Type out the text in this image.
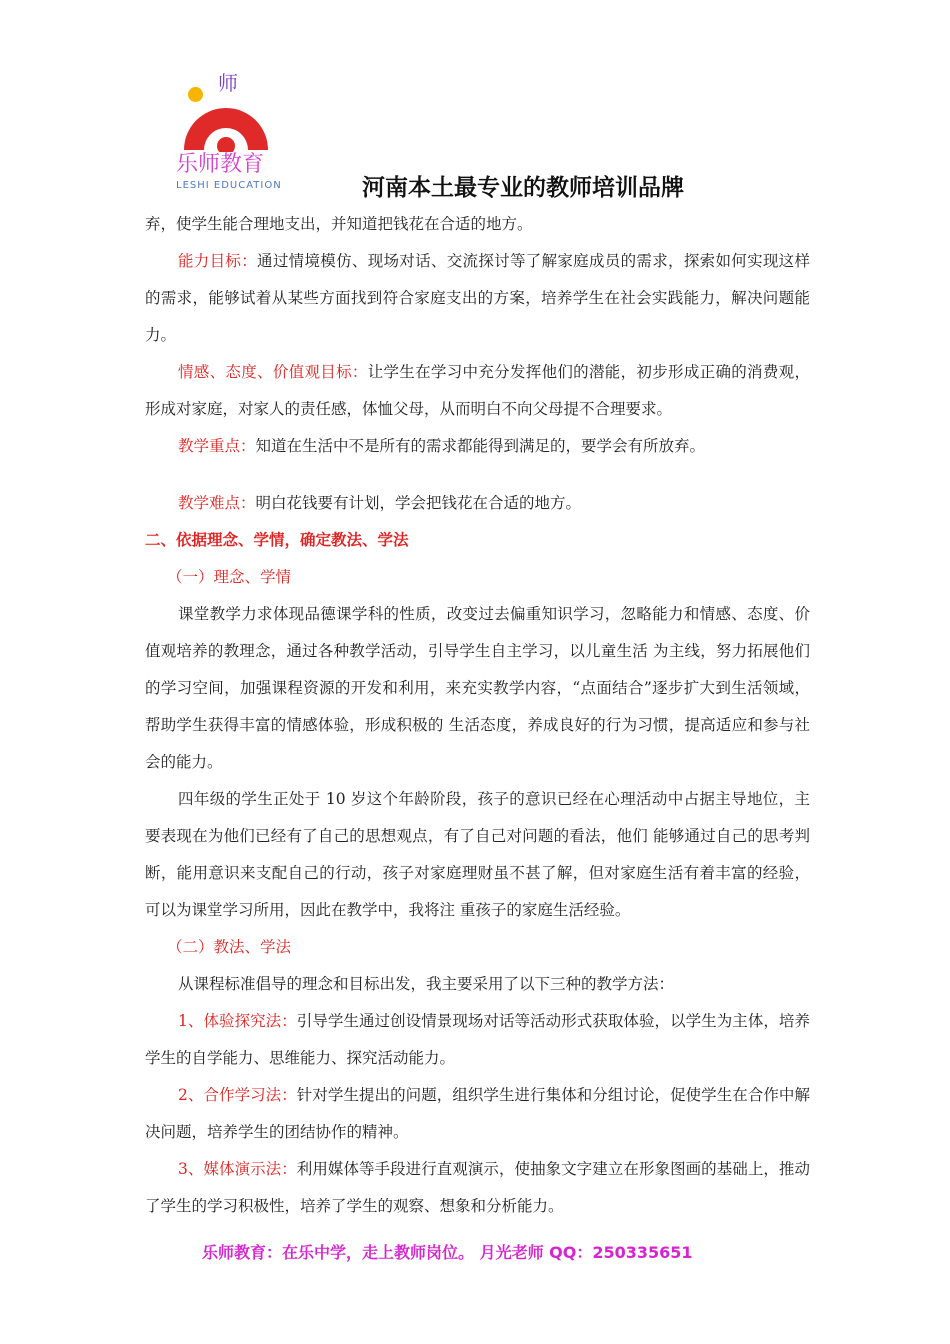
师
乐师教育
LESHI EDUCATION	河南本土最专业的教师培训品牌

弃，使学生能合理地支出，并知道把钱花在合适的地方。

能力目标：通过情境模仿、现场对话、交流探讨等了解家庭成员的需求，探索如何实现这样的需求，能够试着从某些方面找到符合家庭支出的方案，培养学生在社会实践能力，解决问题能力。

情感、态度、价值观目标：让学生在学习中充分发挥他们的潜能，初步形成正确的消费观，形成对家庭，对家人的责任感，体恤父母，从而明白不向父母提不合理要求。

教学重点：知道在生活中不是所有的需求都能得到满足的，要学会有所放弃。

教学难点：明白花钱要有计划，学会把钱花在合适的地方。

二、依据理念、学情，确定教法、学法

（一）理念、学情

课堂教学力求体现品德课学科的性质，改变过去偏重知识学习，忽略能力和情感、态度、价值观培养的教理念，通过各种教学活动，引导学生自主学习，以儿童生活 为主线，努力拓展他们的学习空间，加强课程资源的开发和利用，来充实教学内容，“点面结合”逐步扩大到生活领域，帮助学生获得丰富的情感体验，形成积极的 生活态度，养成良好的行为习惯，提高适应和参与社会的能力。

四年级的学生正处于 10 岁这个年龄阶段，孩子的意识已经在心理活动中占据主导地位，主要表现在为他们已经有了自己的思想观点，有了自己对问题的看法，他们 能够通过自己的思考判断，能用意识来支配自己的行动，孩子对家庭理财虽不甚了解，但对家庭生活有着丰富的经验，可以为课堂学习所用，因此在教学中，我将注 重孩子的家庭生活经验。

（二）教法、学法

从课程标准倡导的理念和目标出发，我主要采用了以下三种的教学方法：

1、体验探究法：引导学生通过创设情景现场对话等活动形式获取体验，以学生为主体，培养学生的自学能力、思维能力、探究活动能力。

2、合作学习法：针对学生提出的问题，组织学生进行集体和分组讨论，促使学生在合作中解决问题，培养学生的团结协作的精神。

3、媒体演示法：利用媒体等手段进行直观演示，使抽象文字建立在形象图画的基础上，推动了学生的学习积极性，培养了学生的观察、想象和分析能力。

乐师教育：在乐中学，走上教师岗位。 月光老师 QQ：250335651
